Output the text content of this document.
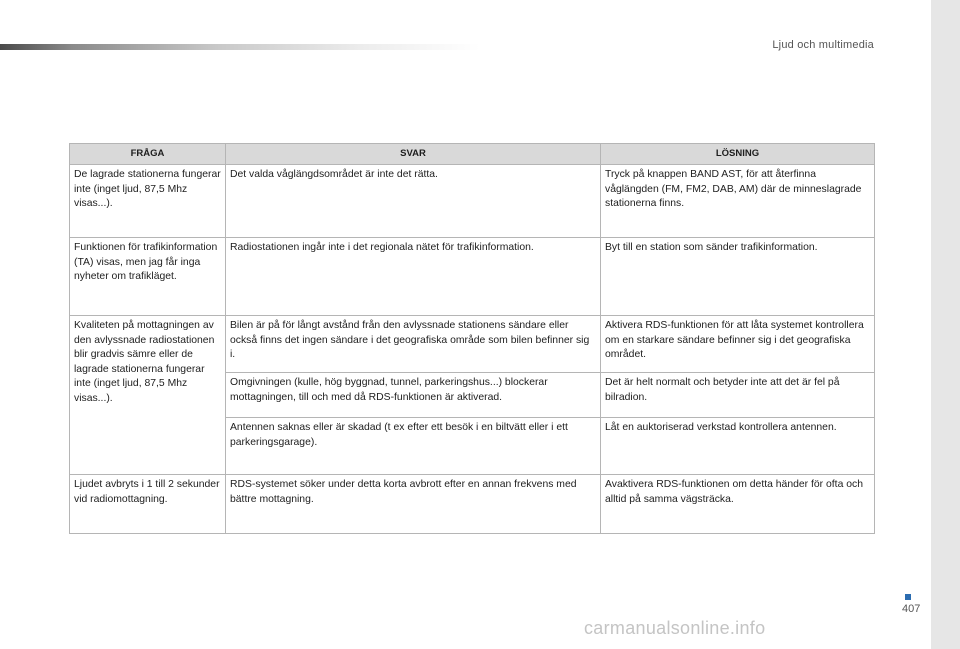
Ljud och multimedia
FRÅGA	SVAR	LÖSNING
De lagrade stationerna fungerar inte (inget ljud, 87,5 Mhz visas...).	Det valda våglängdsområdet är inte det rätta.	Tryck på knappen BAND AST, för att återfinna våglängden (FM, FM2, DAB, AM) där de minneslagrade stationerna finns.
Funktionen för trafikinformation (TA) visas, men jag får inga nyheter om trafikläget.	Radiostationen ingår inte i det regionala nätet för trafikinformation.	Byt till en station som sänder trafikinformation.
Kvaliteten på mottagningen av den avlyssnade radiostationen blir gradvis sämre eller de lagrade stationerna fungerar inte (inget ljud, 87,5 Mhz visas...).	Bilen är på för långt avstånd från den avlyssnade stationens sändare eller också finns det ingen sändare i det geografiska område som bilen befinner sig i.	Aktivera RDS-funktionen för att låta systemet kontrollera om en starkare sändare befinner sig i det geografiska området.
	Omgivningen (kulle, hög byggnad, tunnel, parkeringshus...) blockerar mottagningen, till och med då RDS-funktionen är aktiverad.	Det är helt normalt och betyder inte att det är fel på bilradion.
	Antennen saknas eller är skadad (t ex efter ett besök i en biltvätt eller i ett parkeringsgarage).	Låt en auktoriserad verkstad kontrollera antennen.
Ljudet avbryts i 1 till 2 sekunder vid radiomottagning.	RDS-systemet söker under detta korta avbrott efter en annan frekvens med bättre mottagning.	Avaktivera RDS-funktionen om detta händer för ofta och alltid på samma vägsträcka.
407
carmanualsonline.info
